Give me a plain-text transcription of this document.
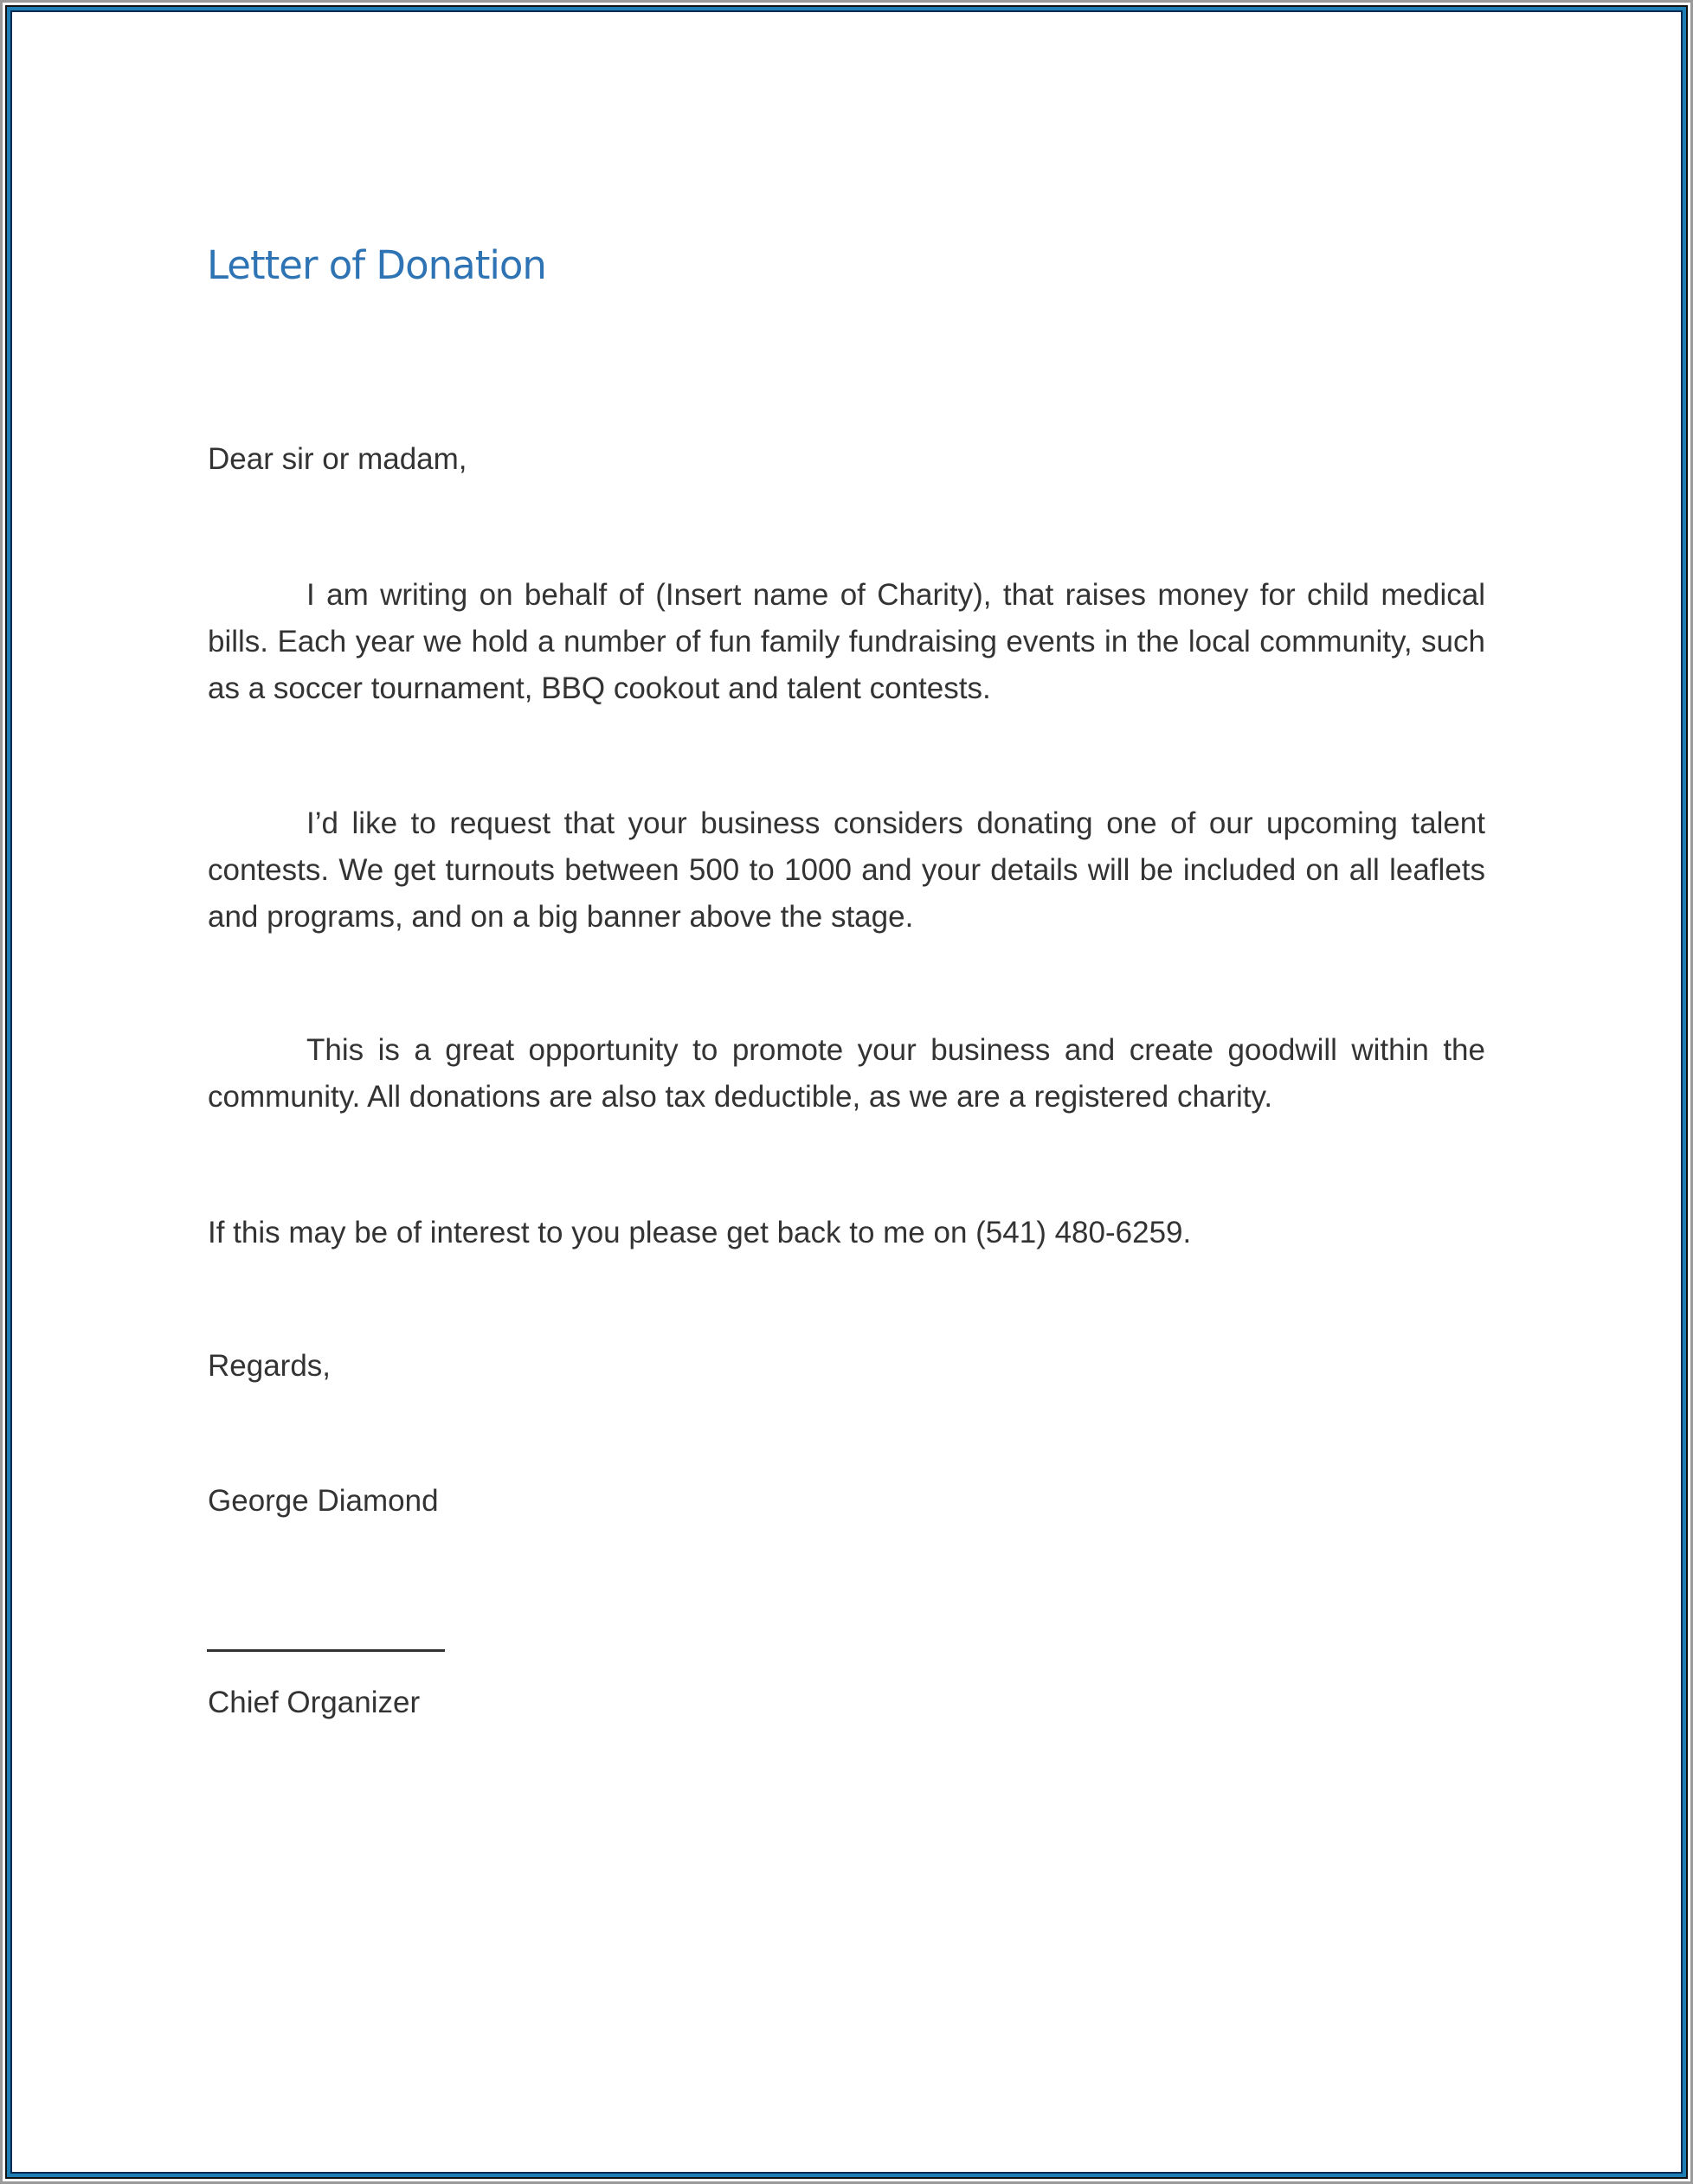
Letter of Donation
Dear sir or madam,
I am writing on behalf of (Insert name of Charity), that raises money for child medical bills. Each year we hold a number of fun family fundraising events in the local community, such as a soccer tournament, BBQ cookout and talent contests.
I’d like to request that your business considers donating one of our upcoming talent contests. We get turnouts between 500 to 1000 and your details will be included on all leaflets and programs, and on a big banner above the stage.
This is a great opportunity to promote your business and create goodwill within the community. All donations are also tax deductible, as we are a registered charity.
If this may be of interest to you please get back to me on (541) 480-6259.
Regards,
George Diamond
Chief Organizer
